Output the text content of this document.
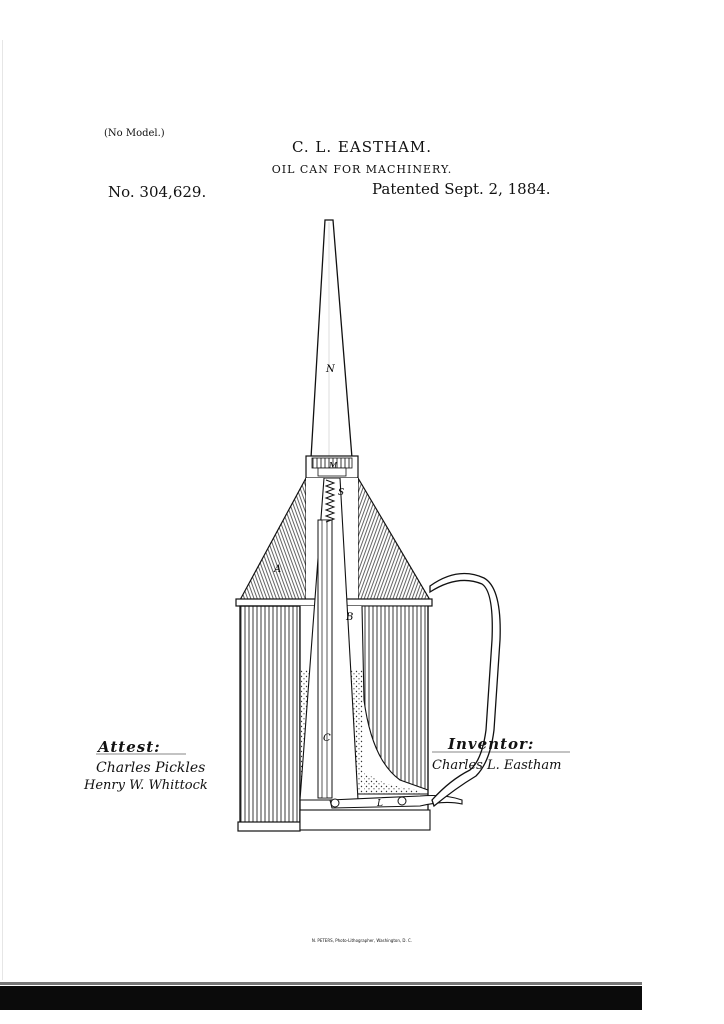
(No Model.)
C. L. EASTHAM.
OIL CAN FOR MACHINERY.
No. 304,629.	Patented Sept. 2, 1884.
N
M
S
A
B
C
L
Attest:
Charles Pickles
Henry W. Whittock
Inventor:
Charles L. Eastham
N. PETERS, Photo-Lithographer, Washington, D. C.
